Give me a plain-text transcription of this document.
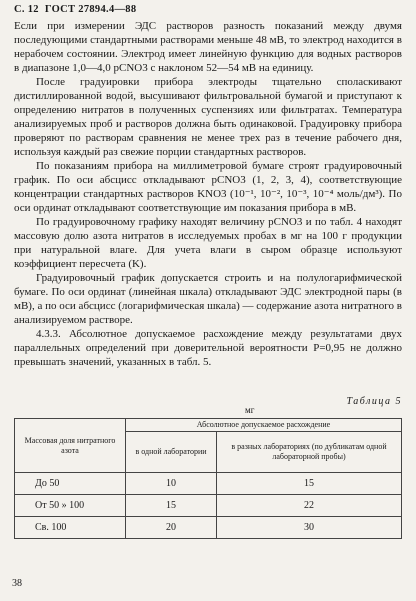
С. 12 ГОСТ 27894.4—88

Если при измерении ЭДС растворов разность показаний между двумя последующими стандартными растворами меньше 48 мВ, то электрод находится в нерабочем состоянии. Электрод имеет линейную функцию для водных растворов в диапазоне 1,0—4,0 pCNO3 с наклоном 52—54 мВ на единицу.

После градуировки прибора электроды тщательно споласкивают дистиллированной водой, высушивают фильтровальной бумагой и приступают к определению нитратов в полученных суспензиях или фильтратах. Температура анализируемых проб и растворов должна быть одинаковой. Градуировку прибора проверяют по растворам сравнения не менее трех раз в течение рабочего дня, используя каждый раз свежие порции стандартных растворов.

По показаниям прибора на миллиметровой бумаге строят градуировочный график. По оси абсцисс откладывают pCNO3 (1, 2, 3, 4), соответствующие концентрации стандартных растворов KNO3 (10⁻¹, 10⁻², 10⁻³, 10⁻⁴ моль/дм³). По оси ординат откладывают соответствующие им показания прибора в мВ.

По градуировочному графику находят величину pCNO3 и по табл. 4 находят массовую долю азота нитратов в исследуемых пробах в мг на 100 г продукции при натуральной влаге. Для учета влаги в сыром образце используют коэффициент пересчета (K).

Градуировочный график допускается строить и на полулогарифмической бумаге. По оси ординат (линейная шкала) откладывают ЭДС электродной пары (в мВ), а по оси абсцисс (логарифмическая шкала) — содержание азота нитратного в анализируемом растворе.

4.3.3. Абсолютное допускаемое расхождение между результатами двух параллельных определений при доверительной вероятности P=0,95 не должно превышать значений, указанных в табл. 5.

Таблица 5
мг
Массовая доля нитратного азота	Абсолютное допускаемое расхождение	
	в одной лаборатории	в разных лабораториях (по дубликатам одной лабораторной пробы)
До 50	10	15
От 50 » 100	15	22
Св. 100	20	30
38
